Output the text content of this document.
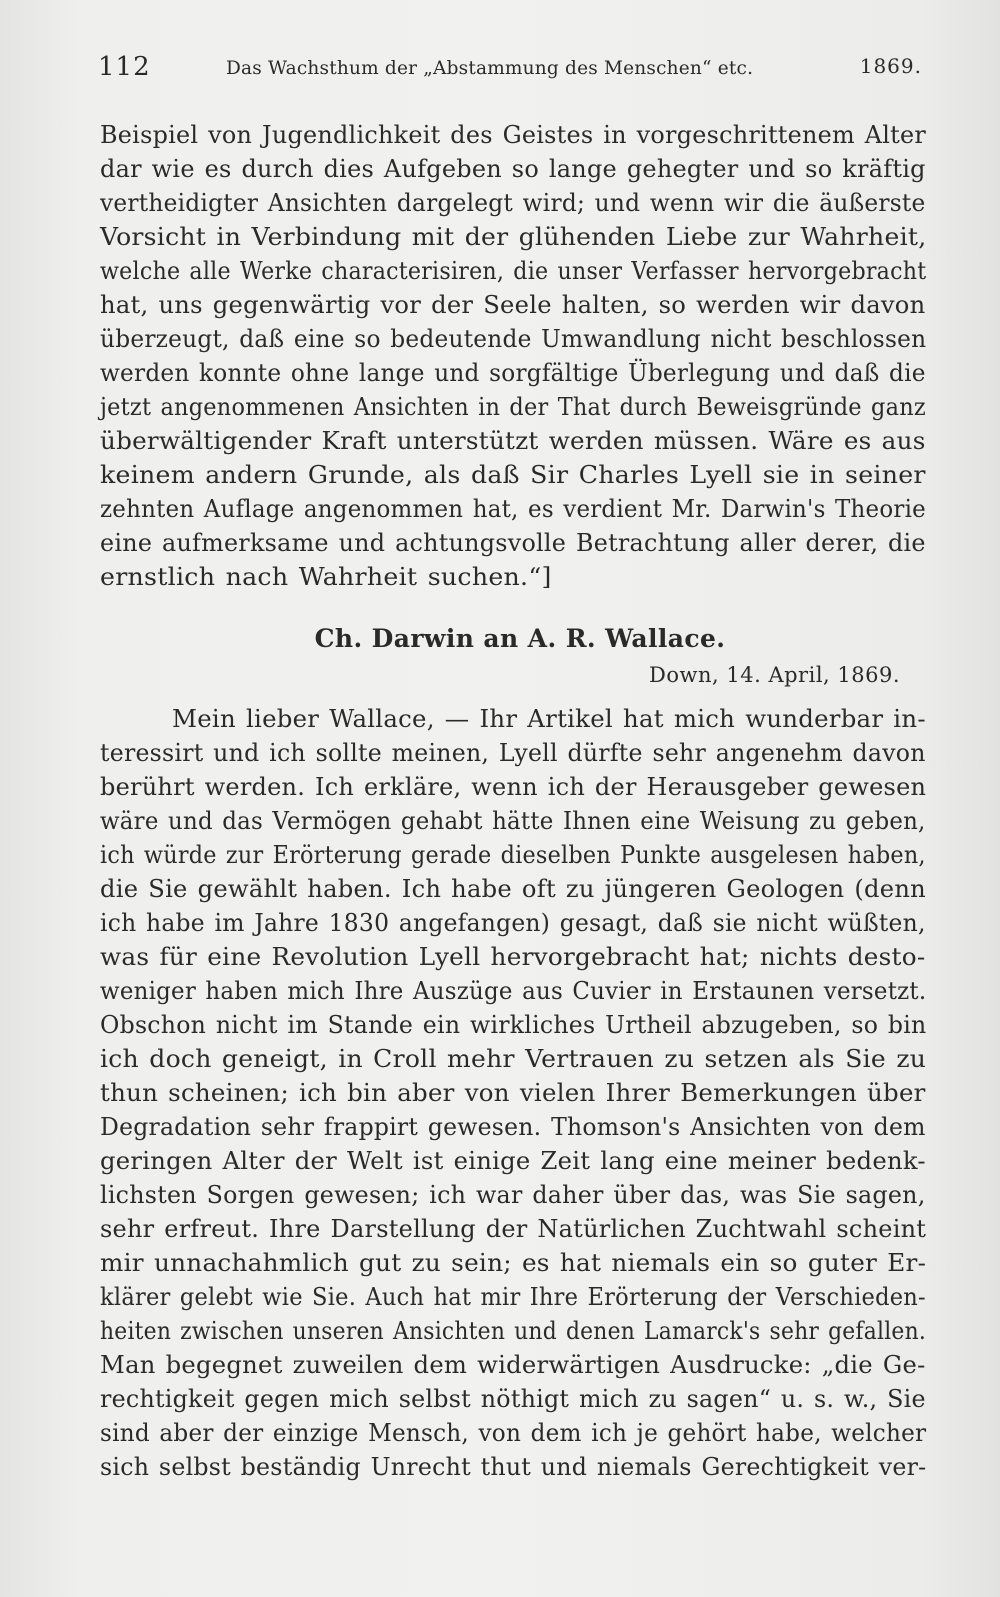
112	Das Wachsthum der „Abstammung des Menschen“ etc.	1869.
Beispiel von Jugendlichkeit des Geistes in vorgeschrittenem Alter
dar wie es durch dies Aufgeben so lange gehegter und so kräftig
vertheidigter Ansichten dargelegt wird; und wenn wir die äußerste
Vorsicht in Verbindung mit der glühenden Liebe zur Wahrheit,
welche alle Werke characterisiren, die unser Verfasser hervorgebracht
hat, uns gegenwärtig vor der Seele halten, so werden wir davon
überzeugt, daß eine so bedeutende Umwandlung nicht beschlossen
werden konnte ohne lange und sorgfältige Überlegung und daß die
jetzt angenommenen Ansichten in der That durch Beweisgründe ganz
überwältigender Kraft unterstützt werden müssen. Wäre es aus
keinem andern Grunde, als daß Sir Charles Lyell sie in seiner
zehnten Auflage angenommen hat, es verdient Mr. Darwin's Theorie
eine aufmerksame und achtungsvolle Betrachtung aller derer, die
ernstlich nach Wahrheit suchen.“]
Ch. Darwin an A. R. Wallace.
Down, 14. April, 1869.
Mein lieber Wallace, — Ihr Artikel hat mich wunderbar in-
teressirt und ich sollte meinen, Lyell dürfte sehr angenehm davon
berührt werden. Ich erkläre, wenn ich der Herausgeber gewesen
wäre und das Vermögen gehabt hätte Ihnen eine Weisung zu geben,
ich würde zur Erörterung gerade dieselben Punkte ausgelesen haben,
die Sie gewählt haben. Ich habe oft zu jüngeren Geologen (denn
ich habe im Jahre 1830 angefangen) gesagt, daß sie nicht wüßten,
was für eine Revolution Lyell hervorgebracht hat; nichts desto-
weniger haben mich Ihre Auszüge aus Cuvier in Erstaunen versetzt.
Obschon nicht im Stande ein wirkliches Urtheil abzugeben, so bin
ich doch geneigt, in Croll mehr Vertrauen zu setzen als Sie zu
thun scheinen; ich bin aber von vielen Ihrer Bemerkungen über
Degradation sehr frappirt gewesen. Thomson's Ansichten von dem
geringen Alter der Welt ist einige Zeit lang eine meiner bedenk-
lichsten Sorgen gewesen; ich war daher über das, was Sie sagen,
sehr erfreut. Ihre Darstellung der Natürlichen Zuchtwahl scheint
mir unnachahmlich gut zu sein; es hat niemals ein so guter Er-
klärer gelebt wie Sie. Auch hat mir Ihre Erörterung der Verschieden-
heiten zwischen unseren Ansichten und denen Lamarck's sehr gefallen.
Man begegnet zuweilen dem widerwärtigen Ausdrucke: „die Ge-
rechtigkeit gegen mich selbst nöthigt mich zu sagen“ u. s. w., Sie
sind aber der einzige Mensch, von dem ich je gehört habe, welcher
sich selbst beständig Unrecht thut und niemals Gerechtigkeit ver-
